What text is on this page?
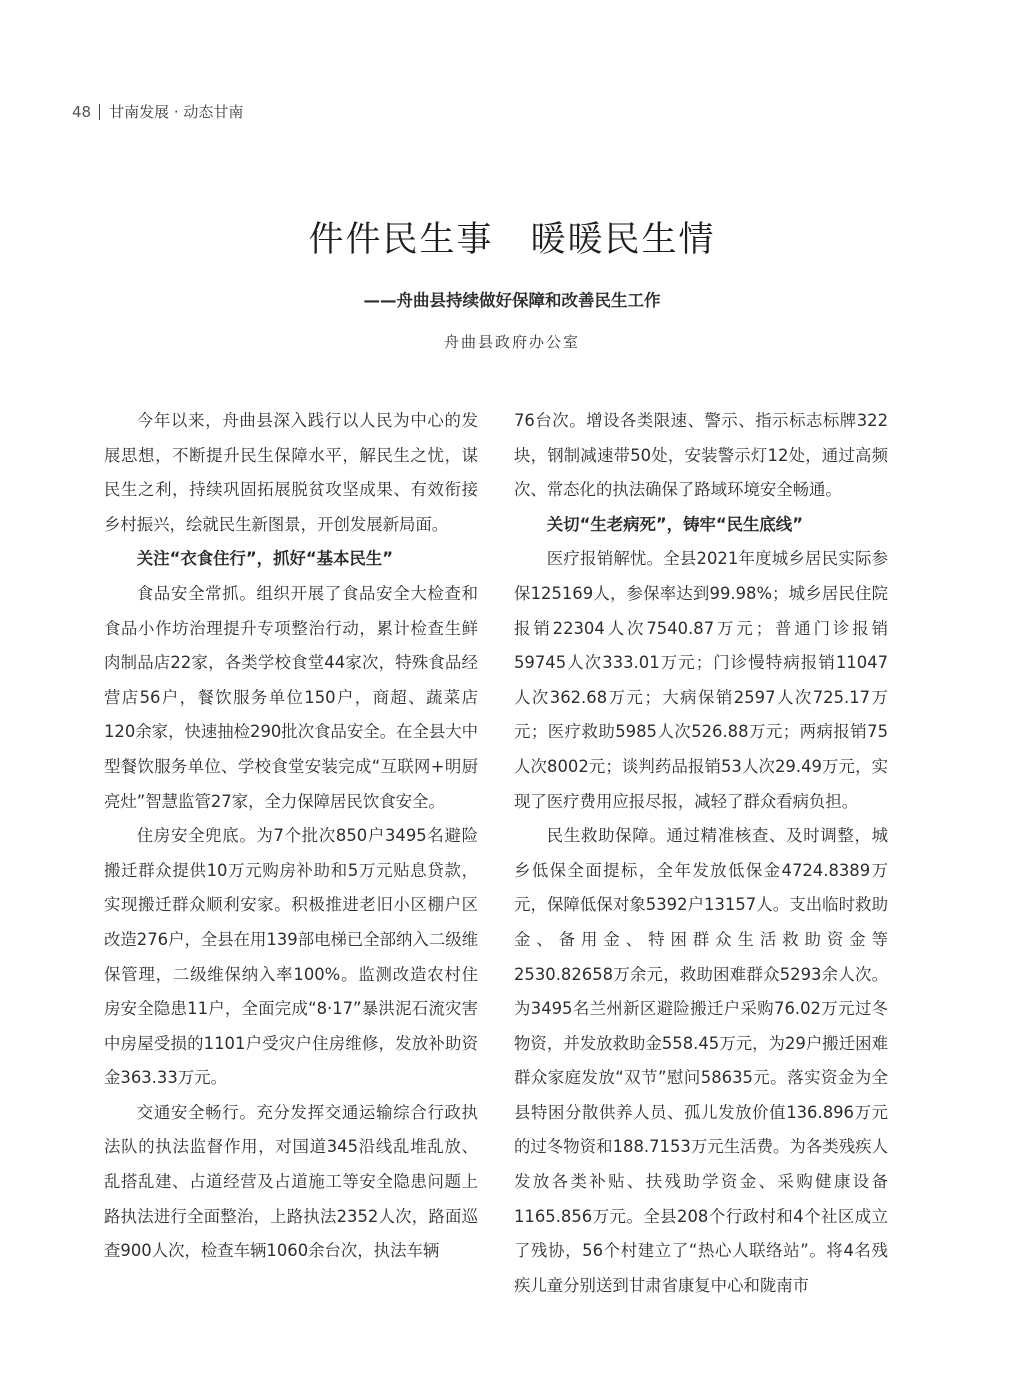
48 甘南发展 · 动态甘南
件件民生事　暖暖民生情
——舟曲县持续做好保障和改善民生工作
舟曲县政府办公室

今年以来，舟曲县深入践行以人民为中心的发展思想，不断提升民生保障水平，解民生之忧，谋民生之利，持续巩固拓展脱贫攻坚成果、有效衔接乡村振兴，绘就民生新图景，开创发展新局面。

关注“衣食住行”，抓好“基本民生”

食品安全常抓。组织开展了食品安全大检查和食品小作坊治理提升专项整治行动，累计检查生鲜肉制品店22家，各类学校食堂44家次，特殊食品经营店56户，餐饮服务单位150户，商超、蔬菜店120余家，快速抽检290批次食品安全。在全县大中型餐饮服务单位、学校食堂安装完成“互联网+明厨亮灶”智慧监管27家，全力保障居民饮食安全。

住房安全兜底。为7个批次850户3495名避险搬迁群众提供10万元购房补助和5万元贴息贷款，实现搬迁群众顺利安家。积极推进老旧小区棚户区改造276户，全县在用139部电梯已全部纳入二级维保管理，二级维保纳入率100%。监测改造农村住房安全隐患11户，全面完成“8·17”暴洪泥石流灾害中房屋受损的1101户受灾户住房维修，发放补助资金363.33万元。

交通安全畅行。充分发挥交通运输综合行政执法队的执法监督作用，对国道345沿线乱堆乱放、乱搭乱建、占道经营及占道施工等安全隐患问题上路执法进行全面整治，上路执法2352人次，路面巡查900人次，检查车辆1060余台次，执法车辆

76台次。增设各类限速、警示、指示标志标牌322块，钢制减速带50处，安装警示灯12处，通过高频次、常态化的执法确保了路域环境安全畅通。

关切“生老病死”，铸牢“民生底线”

医疗报销解忧。全县2021年度城乡居民实际参保125169人，参保率达到99.98%；城乡居民住院报销22304人次7540.87万元；普通门诊报销59745人次333.01万元；门诊慢特病报销11047人次362.68万元；大病保销2597人次725.17万元；医疗救助5985人次526.88万元；两病报销75人次8002元；谈判药品报销53人次29.49万元，实现了医疗费用应报尽报，减轻了群众看病负担。

民生救助保障。通过精准核查、及时调整，城乡低保全面提标，全年发放低保金4724.8389万元，保障低保对象5392户13157人。支出临时救助金、备用金、特困群众生活救助资金等2530.82658万余元，救助困难群众5293余人次。为3495名兰州新区避险搬迁户采购76.02万元过冬物资，并发放救助金558.45万元，为29户搬迁困难群众家庭发放“双节”慰问58635元。落实资金为全县特困分散供养人员、孤儿发放价值136.896万元的过冬物资和188.7153万元生活费。为各类残疾人发放各类补贴、扶残助学资金、采购健康设备1165.856万元。全县208个行政村和4个社区成立了残协，56个村建立了“热心人联络站”。将4名残疾儿童分别送到甘肃省康复中心和陇南市
